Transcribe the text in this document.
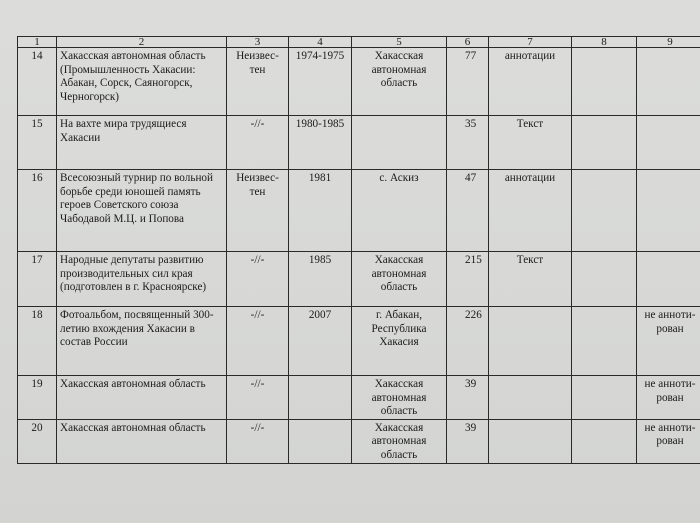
1	2	3	4	5	6	7	8	9
14	Хакасская автономная область (Промышленность Хакасии: Абакан, Сорск, Саяногорск, Черногорск)	Неизвес-тен	1974-1975	Хакасская автономная область	77	аннотации		
15	На вахте мира трудящиеся Хакасии	-//-	1980-1985		35	Текст		
16	Всесоюзный турнир по вольной борьбе среди юношей память героев Советского союза Чабодавой М.Ц. и Попова	Неизвес-тен	1981	с. Аскиз	47	аннотации		
17	Народные депутаты развитию производительных сил края (подготовлен в г. Красноярске)	-//-	1985	Хакасская автономная область	215	Текст		
18	Фотоальбом, посвященный 300-летию вхождения Хакасии в состав России	-//-	2007	г. Абакан, Республика Хакасия	226			не аннoти-рован
19	Хакасская автономная область	-//-		Хакасская автономная область	39			не аннoти-рован
20	Хакасская автономная область	-//-		Хакасская автономная область	39			не аннoти-рован
